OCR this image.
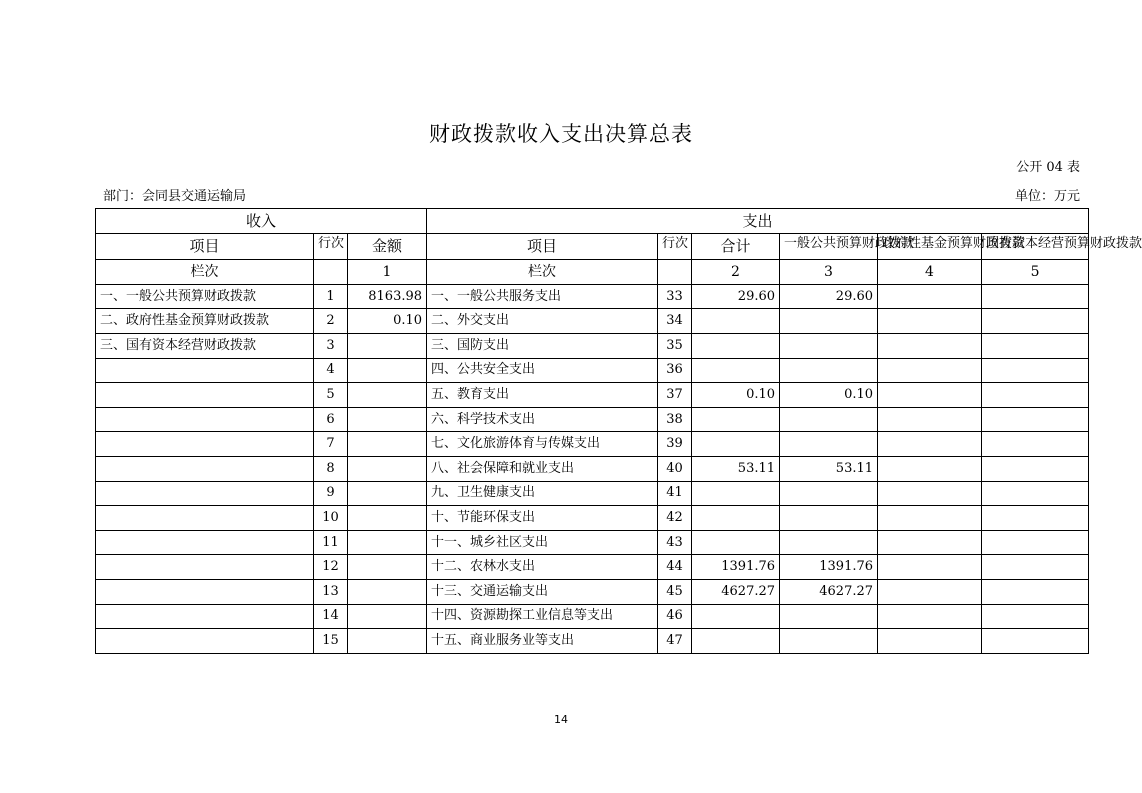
财政拨款收入支出决算总表
公开 04 表
部门：会同县交通运输局	单位：万元
收入			支出					
项目	行次	金额	项目	行次	合计	一般公共预算财政拨款	政府性基金预算财政拨款	国有资本经营预算财政拨款

栏次		1	栏次		2	3	4	5
一、一般公共预算财政拨款	1	8163.98	一、一般公共服务支出	33	29.60	29.60		
二、政府性基金预算财政拨款	2	0.10	二、外交支出	34				
三、国有资本经营财政拨款	3		三、国防支出	35				
	4		四、公共安全支出	36				
	5		五、教育支出	37	0.10	0.10		
	6		六、科学技术支出	38				
	7		七、文化旅游体育与传媒支出	39				
	8		八、社会保障和就业支出	40	53.11	53.11		
	9		九、卫生健康支出	41				
	10		十、节能环保支出	42				
	11		十一、城乡社区支出	43				
	12		十二、农林水支出	44	1391.76	1391.76		
	13		十三、交通运输支出	45	4627.27	4627.27		
	14		十四、资源勘探工业信息等支出	46				
	15		十五、商业服务业等支出	47				
14
